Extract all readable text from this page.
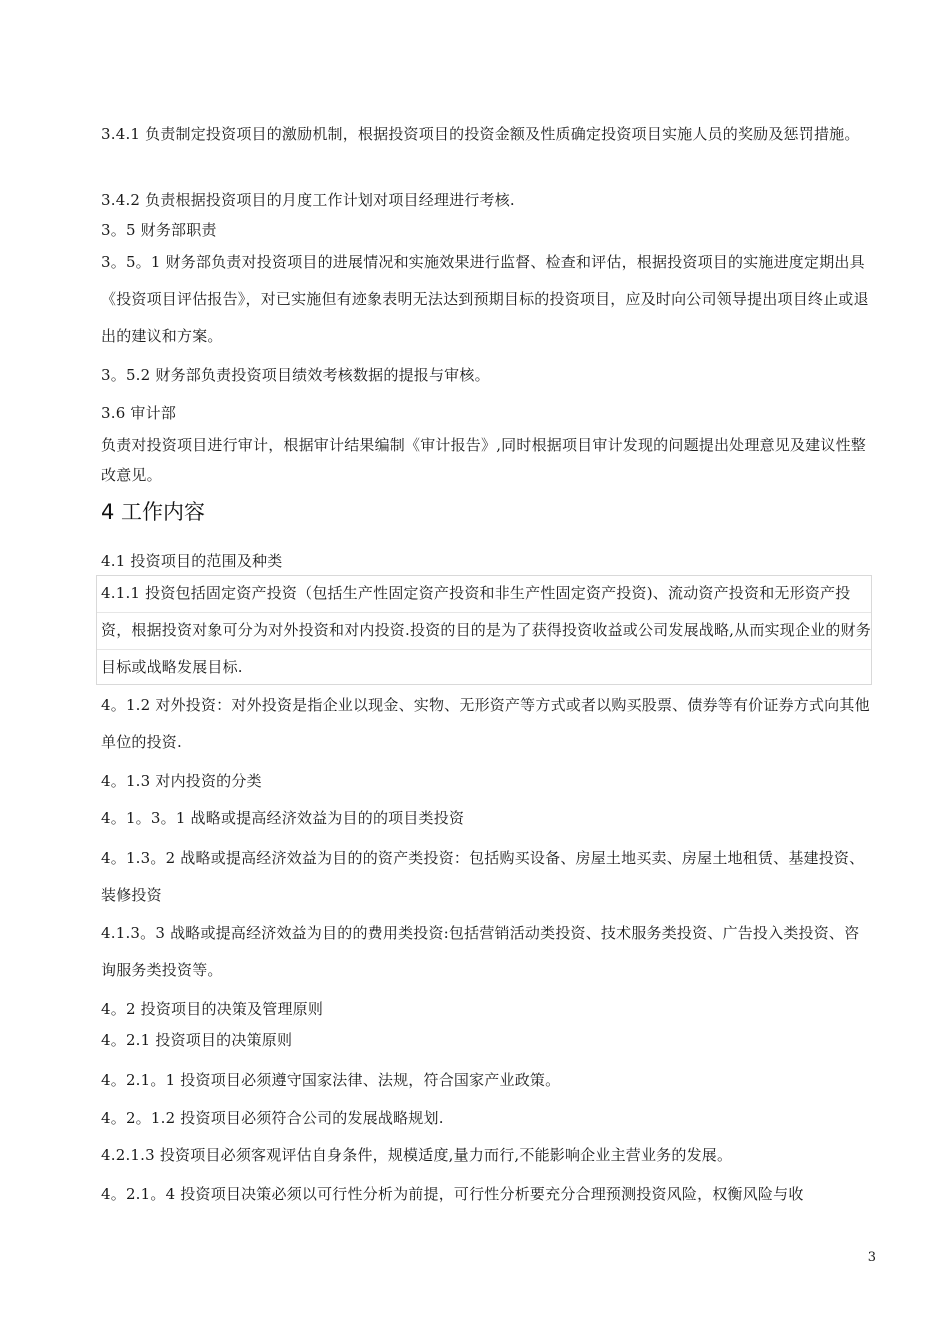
3.4.1 负责制定投资项目的激励机制，根据投资项目的投资金额及性质确定投资项目实施人员的奖励及惩罚措施。
3.4.2 负责根据投资项目的月度工作计划对项目经理进行考核.
3。5 财务部职责
3。5。1 财务部负责对投资项目的进展情况和实施效果进行监督、检查和评估，根据投资项目的实施进度定期出具《投资项目评估报告》，对已实施但有迹象表明无法达到预期目标的投资项目，应及时向公司领导提出项目终止或退出的建议和方案。
3。5.2 财务部负责投资项目绩效考核数据的提报与审核。
3.6 审计部
负责对投资项目进行审计，根据审计结果编制《审计报告》,同时根据项目审计发现的问题提出处理意见及建议性整改意见。
4 工作内容
4.1 投资项目的范围及种类
4.1.1 投资包括固定资产投资（包括生产性固定资产投资和非生产性固定资产投资)、流动资产投资和无形资产投资，根据投资对象可分为对外投资和对内投资.投资的目的是为了获得投资收益或公司发展战略,从而实现企业的财务目标或战略发展目标.
4。1.2 对外投资：对外投资是指企业以现金、实物、无形资产等方式或者以购买股票、债券等有价证券方式向其他单位的投资.
4。1.3 对内投资的分类
4。1。3。1 战略或提高经济效益为目的的项目类投资
4。1.3。2 战略或提高经济效益为目的的资产类投资：包括购买设备、房屋土地买卖、房屋土地租赁、基建投资、装修投资
4.1.3。3 战略或提高经济效益为目的的费用类投资:包括营销活动类投资、技术服务类投资、广告投入类投资、咨询服务类投资等。
4。2 投资项目的决策及管理原则
4。2.1 投资项目的决策原则
4。2.1。1 投资项目必须遵守国家法律、法规，符合国家产业政策。
4。2。1.2 投资项目必须符合公司的发展战略规划.
4.2.1.3 投资项目必须客观评估自身条件，规模适度,量力而行,不能影响企业主营业务的发展。
4。2.1。4 投资项目决策必须以可行性分析为前提，可行性分析要充分合理预测投资风险，权衡风险与收
3
